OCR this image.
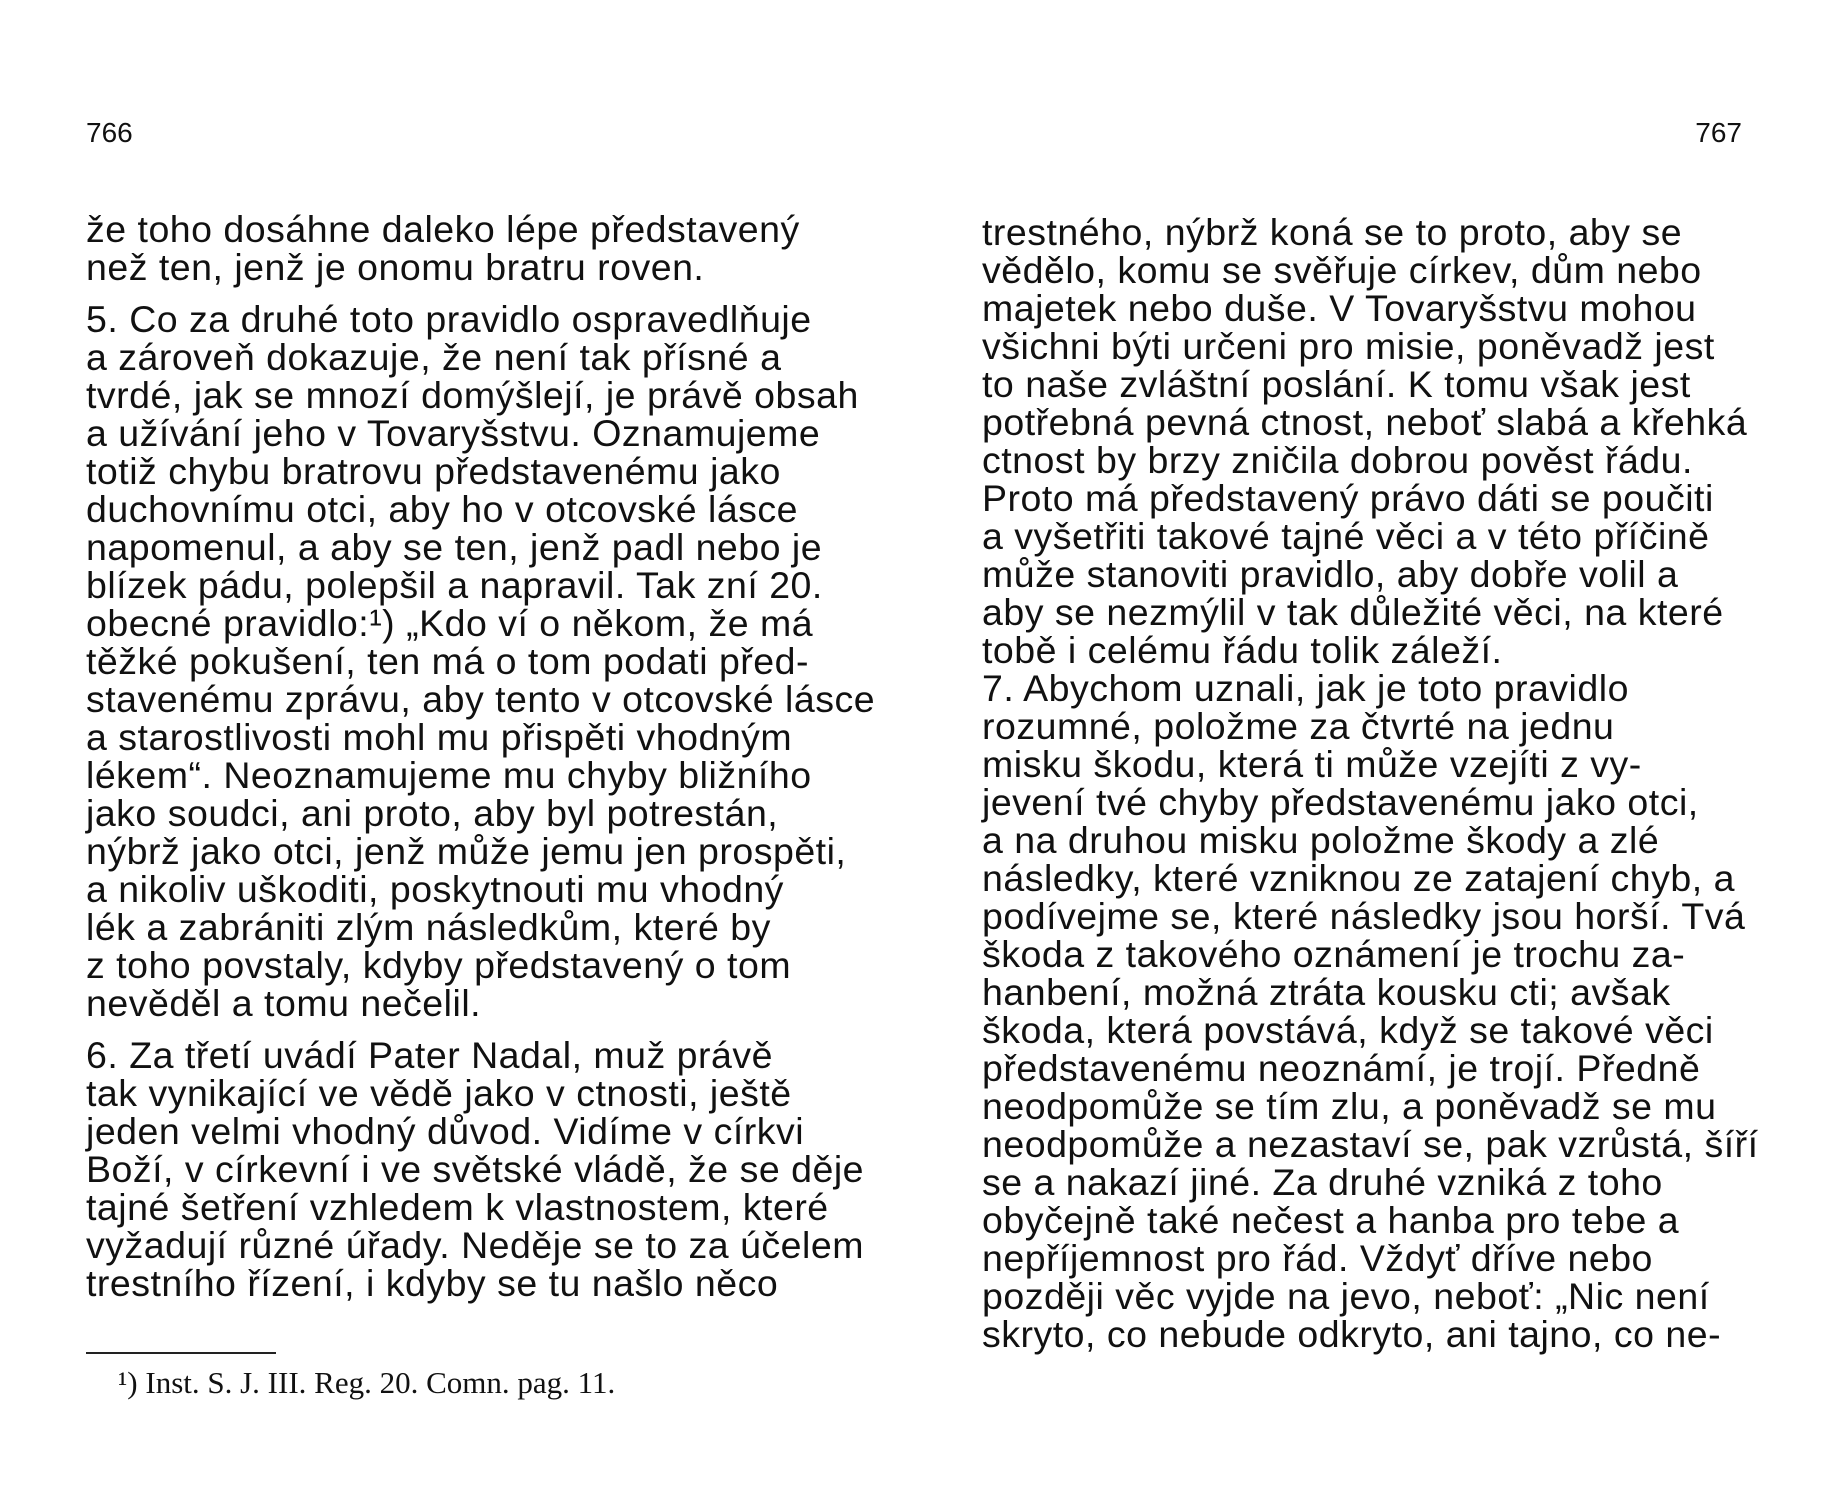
766
že toho dosáhne daleko lépe představený
než ten, jenž je onomu bratru roven.
5. Co za druhé toto pravidlo ospravedlňuje
a zároveň dokazuje, že není tak přísné a
tvrdé, jak se mnozí domýšlejí, je právě obsah
a užívání jeho v Tovaryšstvu. Oznamujeme
totiž chybu bratrovu představenému jako
duchovnímu otci, aby ho v otcovské lásce
napomenul, a aby se ten, jenž padl nebo je
blízek pádu, polepšil a napravil. Tak zní 20.
obecné pravidlo:¹) „Kdo ví o někom, že má
těžké pokušení, ten má o tom podati před-
stavenému zprávu, aby tento v otcovské lásce
a starostlivosti mohl mu přispěti vhodným
lékem“. Neoznamujeme mu chyby bližního
jako soudci, ani proto, aby byl potrestán,
nýbrž jako otci, jenž může jemu jen prospěti,
a nikoliv uškoditi, poskytnouti mu vhodný
lék a zabrániti zlým následkům, které by
z toho povstaly, kdyby představený o tom
nevěděl a tomu nečelil.
6. Za třetí uvádí Pater Nadal, muž právě
tak vynikající ve vědě jako v ctnosti, ještě
jeden velmi vhodný důvod. Vidíme v církvi
Boží, v církevní i ve světské vládě, že se děje
tajné šetření vzhledem k vlastnostem, které
vyžadují různé úřady. Neděje se to za účelem
trestního řízení, i kdyby se tu našlo něco
¹) Inst. S. J. III. Reg. 20. Comn. pag. 11.
767
trestného, nýbrž koná se to proto, aby se
vědělo, komu se svěřuje církev, dům nebo
majetek nebo duše. V Tovaryšstvu mohou
všichni býti určeni pro misie, poněvadž jest
to naše zvláštní poslání. K tomu však jest
potřebná pevná ctnost, neboť slabá a křehká
ctnost by brzy zničila dobrou pověst řádu.
Proto má představený právo dáti se poučiti
a vyšetřiti takové tajné věci a v této příčině
může stanoviti pravidlo, aby dobře volil a
aby se nezmýlil v tak důležité věci, na které
tobě i celému řádu tolik záleží.
7. Abychom uznali, jak je toto pravidlo
rozumné, položme za čtvrté na jednu
misku škodu, která ti může vzejíti z vy-
jevení tvé chyby představenému jako otci,
a na druhou misku položme škody a zlé
následky, které vzniknou ze zatajení chyb, a
podívejme se, které následky jsou horší. Tvá
škoda z takového oznámení je trochu za-
hanbení, možná ztráta kousku cti; avšak
škoda, která povstává, když se takové věci
představenému neoznámí, je trojí. Předně
neodpomůže se tím zlu, a poněvadž se mu
neodpomůže a nezastaví se, pak vzrůstá, šíří
se a nakazí jiné. Za druhé vzniká z toho
obyčejně také nečest a hanba pro tebe a
nepříjemnost pro řád. Vždyť dříve nebo
později věc vyjde na jevo, neboť: „Nic není
skryto, co nebude odkryto, ani tajno, co ne-
